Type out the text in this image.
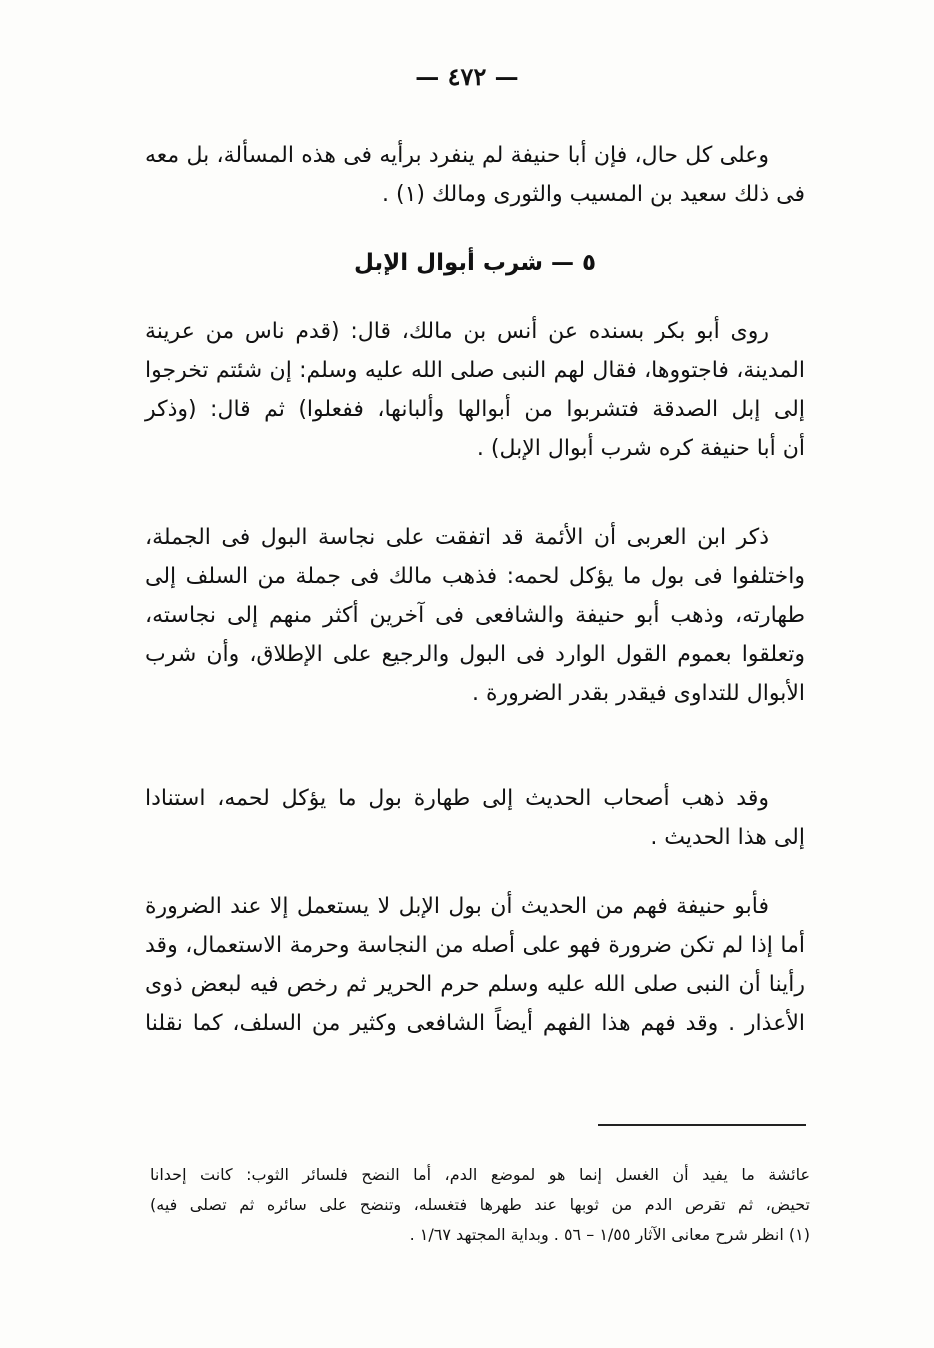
— ٤٧٢ —
وعلى كل حال، فإن أبا حنيفة لم ينفرد برأيه فى هذه المسألة، بل معه
فى ذلك سعيد بن المسيب والثورى ومالك (١) .
٥ — شرب أبوال الإبل
روى أبو بكر بسنده عن أنس بن مالك، قال: (قدم ناس من عرينة
المدينة، فاجتووها، فقال لهم النبى صلى الله عليه وسلم: إن شئتم تخرجوا
إلى إبل الصدقة فتشربوا من أبوالها وألبانها، ففعلوا) ثم قال: (وذكر
أن أبا حنيفة كره شرب أبوال الإبل) .
ذكر ابن العربى أن الأئمة قد اتفقت على نجاسة البول فى الجملة،
واختلفوا فى بول ما يؤكل لحمه: فذهب مالك فى جملة من السلف إلى
طهارته، وذهب أبو حنيفة والشافعى فى آخرين أكثر منهم إلى نجاسته،
وتعلقوا بعموم القول الوارد فى البول والرجيع على الإطلاق، وأن شرب
الأبوال للتداوى فيقدر بقدر الضرورة .
وقد ذهب أصحاب الحديث إلى طهارة بول ما يؤكل لحمه، استنادا
إلى هذا الحديث .
فأبو حنيفة فهم من الحديث أن بول الإبل لا يستعمل إلا عند الضرورة
أما إذا لم تكن ضرورة فهو على أصله من النجاسة وحرمة الاستعمال، وقد
رأينا أن النبى صلى الله عليه وسلم حرم الحرير ثم رخص فيه لبعض ذوى
الأعذار . وقد فهم هذا الفهم أيضاً الشافعى وكثير من السلف، كما نقلنا
عائشة ما يفيد أن الغسل إنما هو لموضع الدم، أما النضح فلسائر الثوب: كانت إحدانا
تحيض، ثم تقرص الدم من ثوبها عند طهرها فتغسله، وتنضح على سائره ثم تصلى فيه)
(١) انظر شرح معانى الآثار ١/٥٥ – ٥٦ . وبداية المجتهد ١/٦٧ .
